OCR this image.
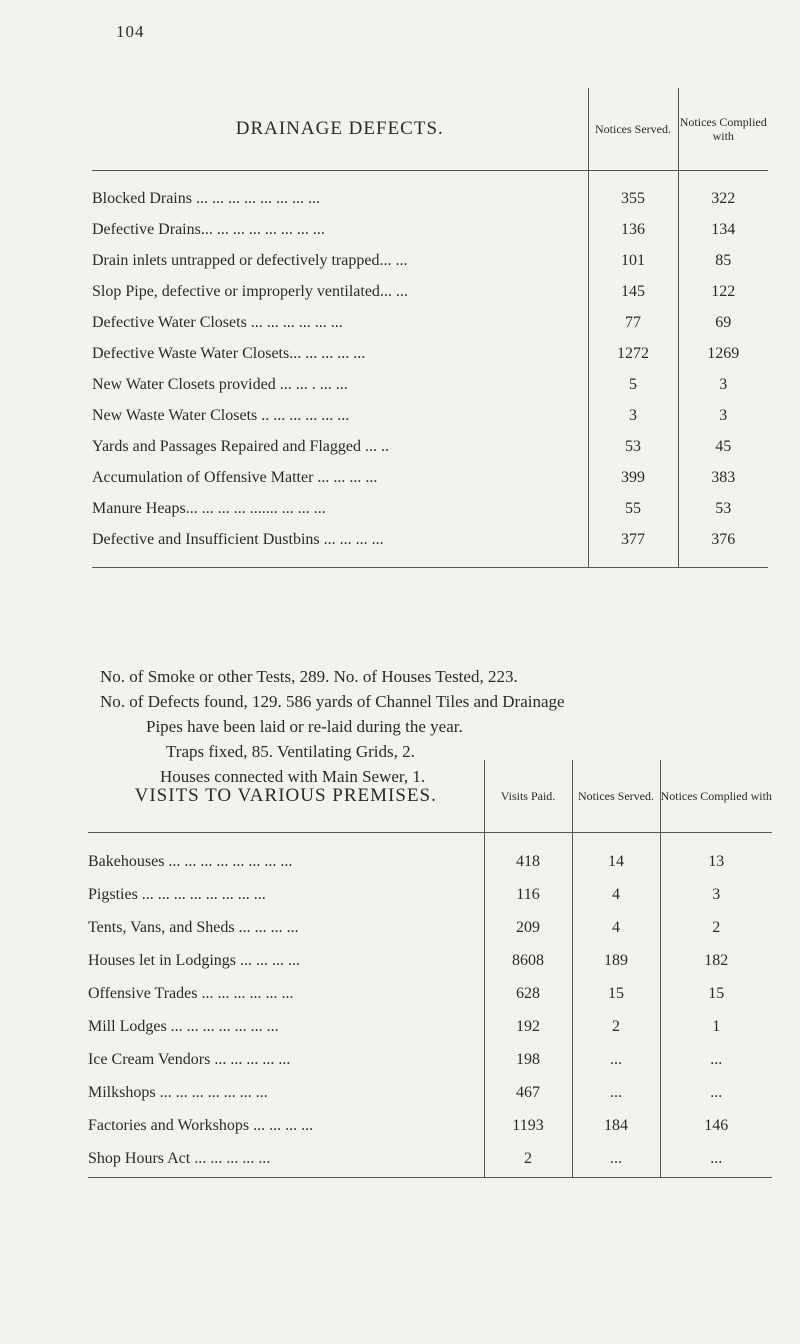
104
DRAINAGE DEFECTS.	Notices Served.	Notices Complied with

Blocked Drains ... ... ... ... ... ... ... ...	355	322
Defective Drains... ... ... ... ... ... ... ...	136	134
Drain inlets untrapped or defectively trapped... ...	101	85
Slop Pipe, defective or improperly ventilated... ...	145	122
Defective Water Closets ... ... ... ... ... ...	77	69
Defective Waste Water Closets... ... ... ... ...	1272	1269
New Water Closets provided ... ... . ... ...	5	3
New Waste Water Closets .. ... ... ... ... ...	3	3
Yards and Passages Repaired and Flagged ... ..	53	45
Accumulation of Offensive Matter ... ... ... ...	399	383
Manure Heaps... ... ... ... ....... ... ... ...	55	53
Defective and Insufficient Dustbins ... ... ... ...	377	376

No. of Smoke or other Tests, 289. No. of Houses Tested, 223.
No. of Defects found, 129. 586 yards of Channel Tiles and Drainage
Pipes have been laid or re-laid during the year.
Traps fixed, 85. Ventilating Grids, 2.
Houses connected with Main Sewer, 1.
VISITS TO VARIOUS PREMISES.	Visits Paid.	Notices Served.	Notices Complied with

Bakehouses ... ... ... ... ... ... ... ...	418	14	13
Pigsties ... ... ... ... ... ... ... ...	116	4	3
Tents, Vans, and Sheds ... ... ... ...	209	4	2
Houses let in Lodgings ... ... ... ...	8608	189	182
Offensive Trades ... ... ... ... ... ...	628	15	15
Mill Lodges ... ... ... ... ... ... ...	192	2	1
Ice Cream Vendors ... ... ... ... ...	198	...	...
Milkshops ... ... ... ... ... ... ...	467	...	...
Factories and Workshops ... ... ... ...	1193	184	146
Shop Hours Act ... ... ... ... ...	2	...	...
